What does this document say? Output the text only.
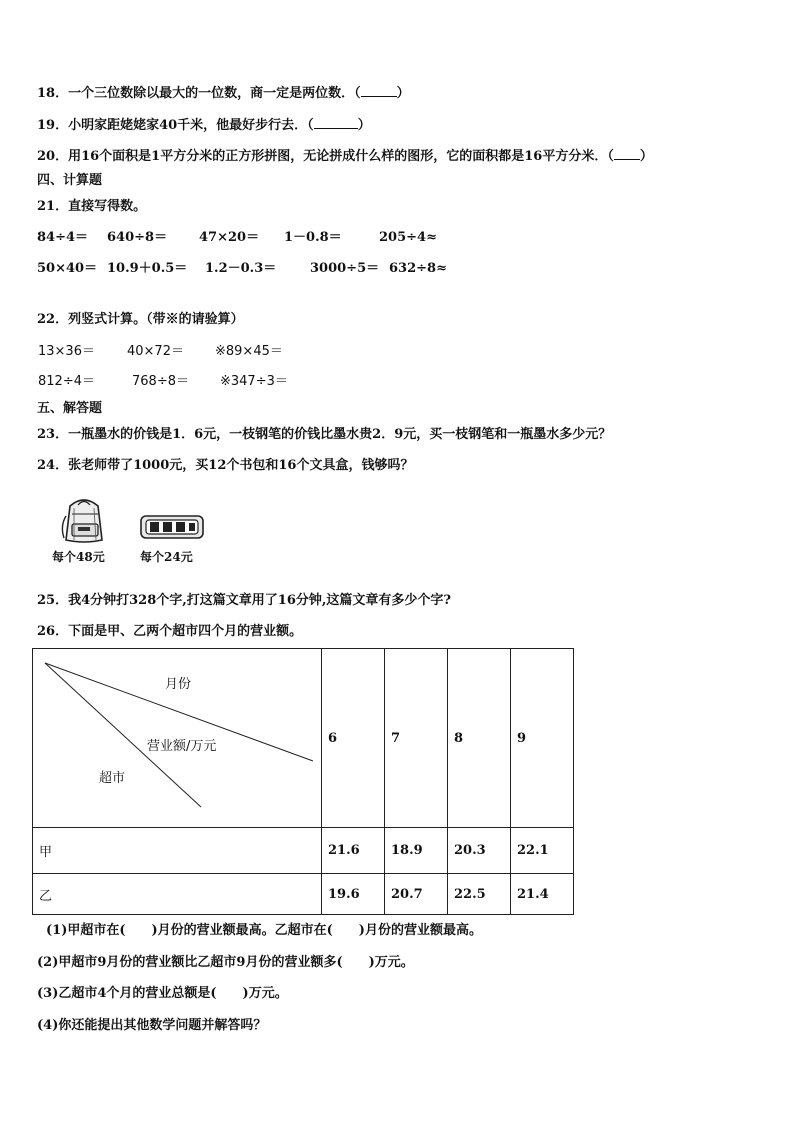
18．一个三位数除以最大的一位数，商一定是两位数．（	）
19．小明家距姥姥家40千米，他最好步行去．（	）
20．用16个面积是1平方分米的正方形拼图，无论拼成什么样的图形，它的面积都是16平方分米．（ ）
四、计算题
21．直接写得数。
84÷4＝ 640÷8＝ 47×20＝ 1－0.8＝	205÷4≈
50×40＝ 10.9＋0.5＝ 1.2－0.3＝	3000÷5＝ 632÷8≈
22．列竖式计算。（带※的请验算）
13×36＝ 40×72＝ ※89×45＝
812÷4＝	768÷8＝ ※347÷3＝
五、解答题
23．一瓶墨水的价钱是1．6元，一枝钢笔的价钱比墨水贵2．9元，买一枝钢笔和一瓶墨水多少元？
24．张老师带了1000元，买12个书包和16个文具盒，钱够吗？
每个48元	每个24元
25．我4分钟打328个字,打这篇文章用了16分钟,这篇文章有多少个字?
26．下面是甲、乙两个超市四个月的营业额。
月份
营业额/万元
超市	6	7	8	9
甲	21.6	18.9	20.3	22.1
乙	19.6	20.7	22.5	21.4
(1)甲超市在(　　)月份的营业额最高。乙超市在(　　)月份的营业额最高。
(2)甲超市9月份的营业额比乙超市9月份的营业额多(　　)万元。
(3)乙超市4个月的营业总额是(　　)万元。
(4)你还能提出其他数学问题并解答吗？
